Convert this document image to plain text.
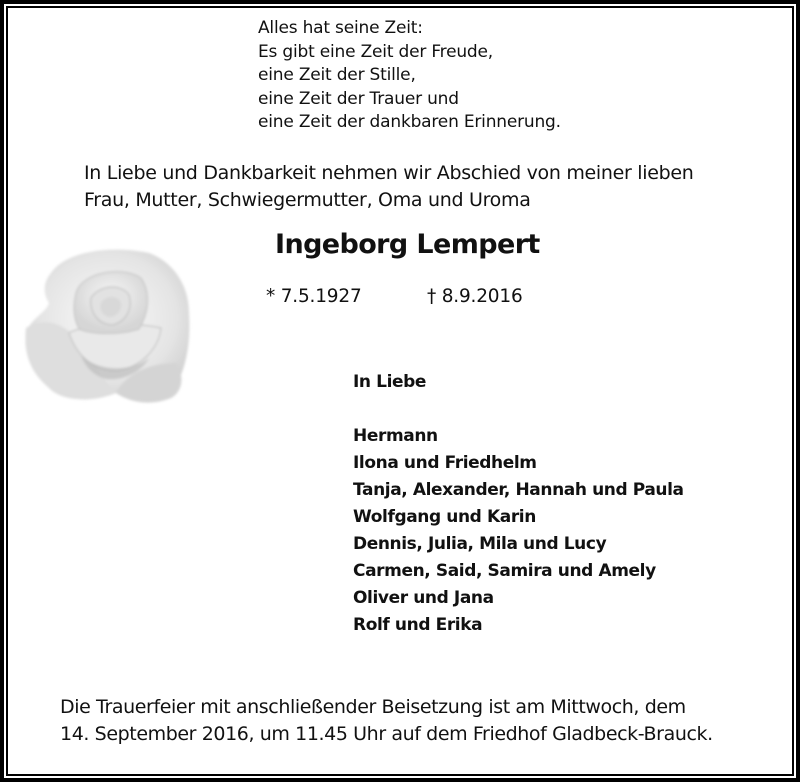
Alles hat seine Zeit:
Es gibt eine Zeit der Freude,
eine Zeit der Stille,
eine Zeit der Trauer und
eine Zeit der dankbaren Erinnerung.
In Liebe und Dankbarkeit nehmen wir Abschied von meiner lieben
Frau, Mutter, Schwiegermutter, Oma und Uroma
Ingeborg Lempert
* 7.5.1927	† 8.9.2016
In Liebe
Hermann
Ilona und Friedhelm
Tanja, Alexander, Hannah und Paula
Wolfgang und Karin
Dennis, Julia, Mila und Lucy
Carmen, Said, Samira und Amely
Oliver und Jana
Rolf und Erika
Die Trauerfeier mit anschließender Beisetzung ist am Mittwoch, dem
14. September 2016, um 11.45 Uhr auf dem Friedhof Gladbeck-Brauck.
